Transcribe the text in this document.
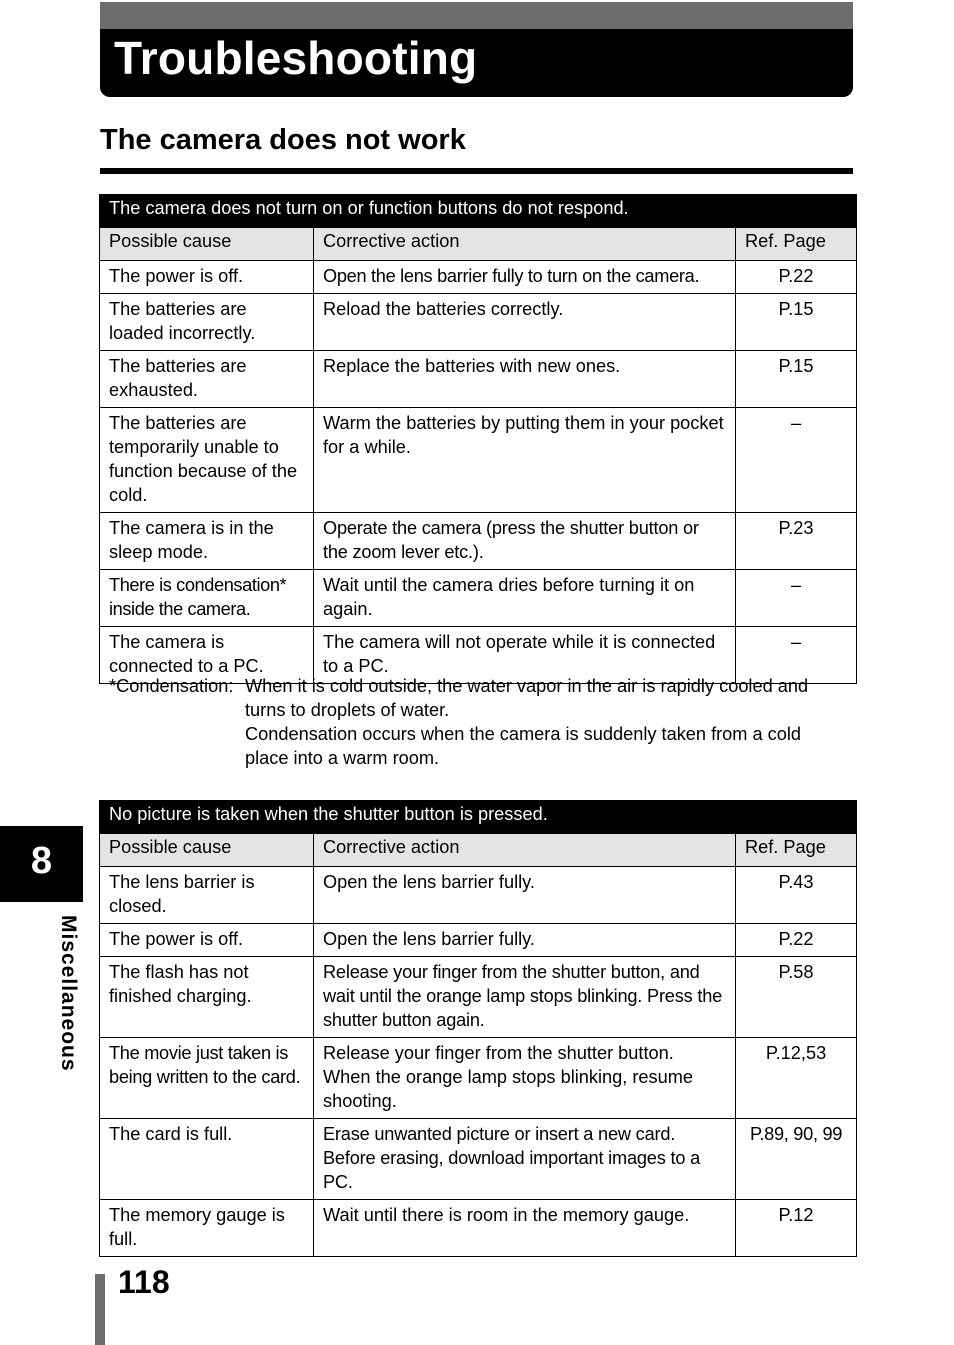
Troubleshooting
The camera does not work
The camera does not turn on or function buttons do not respond.		
Possible cause	Corrective action	Ref. Page
The power is off.	Open the lens barrier fully to turn on the camera.	P.22
The batteries are loaded incorrectly.	Reload the batteries correctly.	P.15
The batteries are exhausted.	Replace the batteries with new ones.	P.15
The batteries are temporarily unable to function because of the cold.	Warm the batteries by putting them in your pocket for a while.	–
The camera is in the sleep mode.	Operate the camera (press the shutter button or the zoom lever etc.).	P.23
There is condensation* inside the camera.	Wait until the camera dries before turning it on again.	–
The camera is connected to a PC.	The camera will not operate while it is connected to a PC.	–
*Condensation: When it is cold outside, the water vapor in the air is rapidly cooled and turns to droplets of water.
Condensation occurs when the camera is suddenly taken from a cold place into a warm room.
No picture is taken when the shutter button is pressed.		
Possible cause	Corrective action	Ref. Page
The lens barrier is closed.	Open the lens barrier fully.	P.43
The power is off.	Open the lens barrier fully.	P.22
The flash has not finished charging.	Release your finger from the shutter button, and wait until the orange lamp stops blinking. Press the shutter button again.	P.58
The movie just taken is being written to the card.	Release your finger from the shutter button. When the orange lamp stops blinking, resume shooting.	P.12,53
The card is full.	Erase unwanted picture or insert a new card. Before erasing, download important images to a PC.	P.89, 90, 99
The memory gauge is full.	Wait until there is room in the memory gauge.	P.12
8
Miscellaneous
118
